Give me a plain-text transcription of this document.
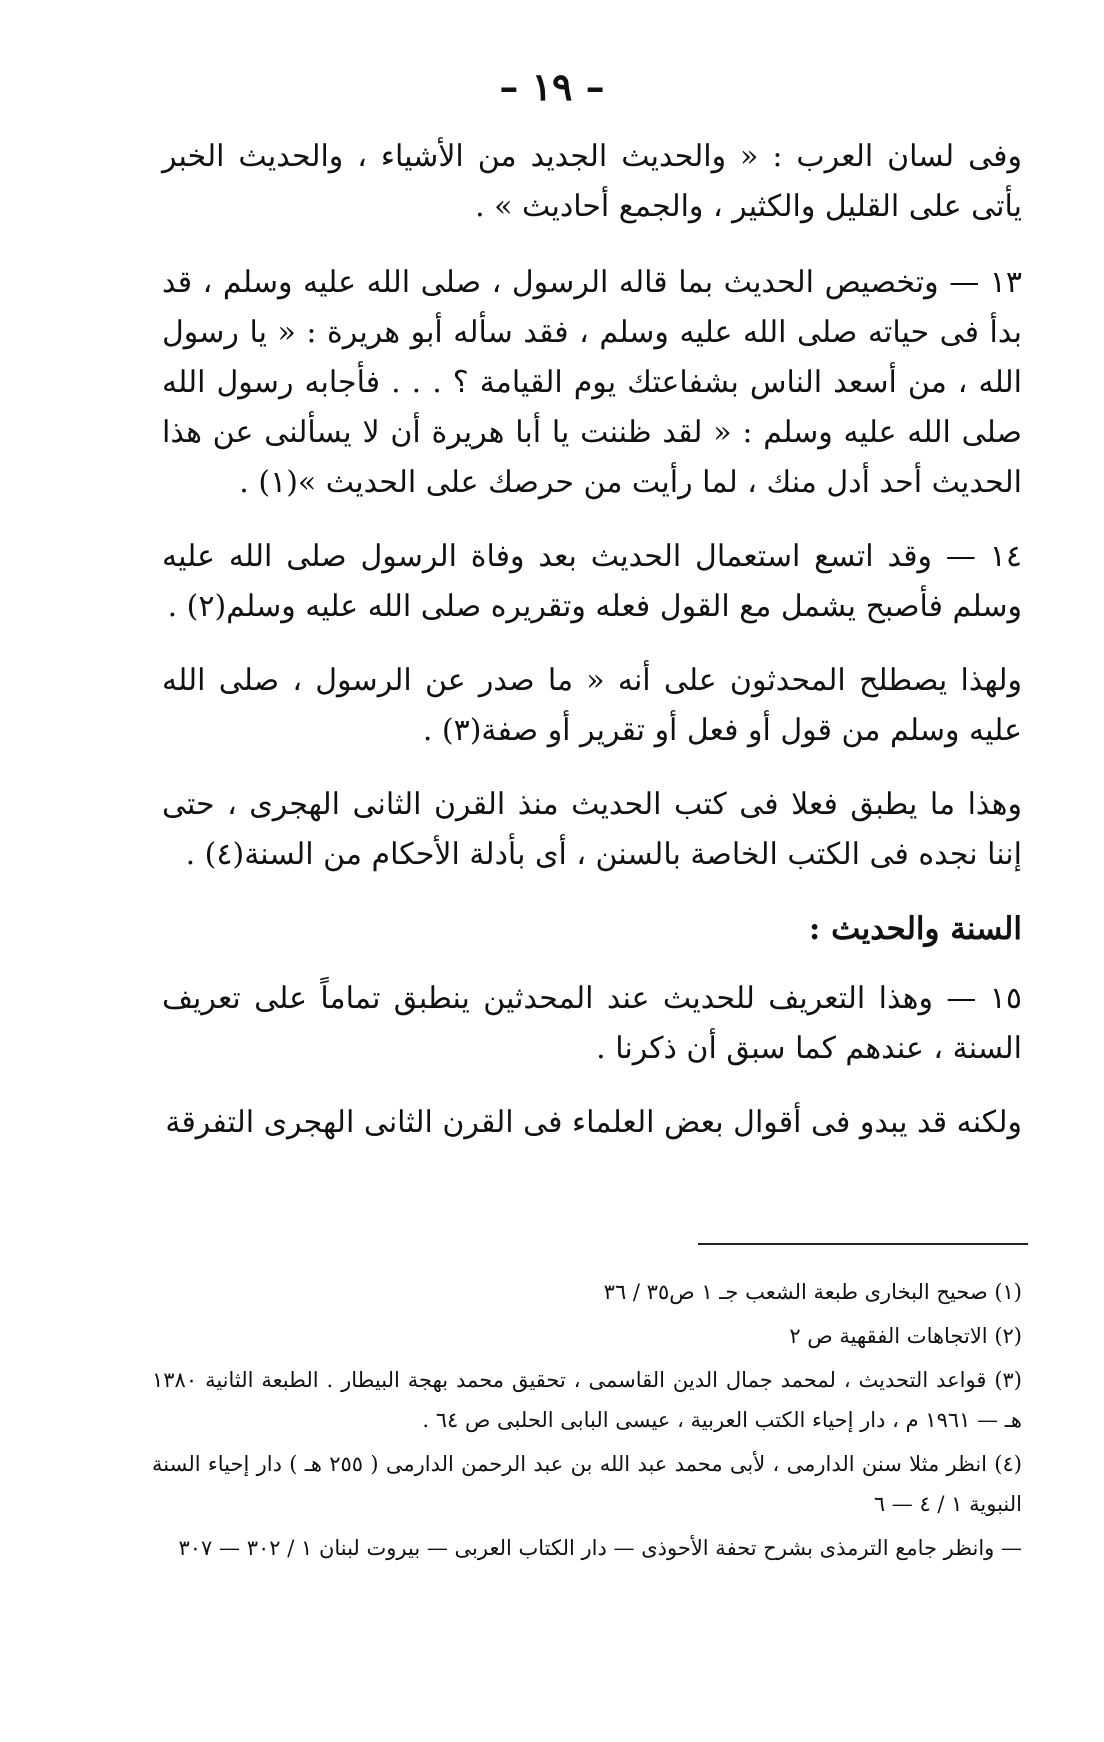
– ١٩ –

وفى لسان العرب : « والحديث الجديد من الأشياء ، والحديث الخبر يأتى على القليل والكثير ، والجمع أحاديث » .

١٣ — وتخصيص الحديث بما قاله الرسول ، صلى الله عليه وسلم ، قد بدأ فى حياته صلى الله عليه وسلم ، فقد سأله أبو هريرة : « يا رسول الله ، من أسعد الناس بشفاعتك يوم القيامة ؟ . . . فأجابه رسول الله صلى الله عليه وسلم : « لقد ظننت يا أبا هريرة أن لا يسألنى عن هذا الحديث أحد أدل منك ، لما رأيت من حرصك على الحديث »(١) .

١٤ — وقد اتسع استعمال الحديث بعد وفاة الرسول صلى الله عليه وسلم فأصبح يشمل مع القول فعله وتقريره صلى الله عليه وسلم(٢) .

ولهذا يصطلح المحدثون على أنه « ما صدر عن الرسول ، صلى الله عليه وسلم من قول أو فعل أو تقرير أو صفة(٣) .

وهذا ما يطبق فعلا فى كتب الحديث منذ القرن الثانى الهجرى ، حتى إننا نجده فى الكتب الخاصة بالسنن ، أى بأدلة الأحكام من السنة(٤) .

السنة والحديث :

١٥ — وهذا التعريف للحديث عند المحدثين ينطبق تماماً على تعريف السنة ، عندهم كما سبق أن ذكرنا .

ولكنه قد يبدو فى أقوال بعض العلماء فى القرن الثانى الهجرى التفرقة

(١) صحيح البخارى طبعة الشعب جـ ١ ص٣٥ / ٣٦

(٢) الاتجاهات الفقهية ص ٢

(٣) قواعد التحديث ، لمحمد جمال الدين القاسمى ، تحقيق محمد بهجة البيطار . الطبعة الثانية ١٣٨٠ هـ — ١٩٦١ م ، دار إحياء الكتب العربية ، عيسى البابى الحلبى ص ٦٤ .

(٤) انظر مثلا سنن الدارمى ، لأبى محمد عبد الله بن عبد الرحمن الدارمى ( ٢٥٥ هـ ) دار إحياء السنة النبوية ١ / ٤ — ٦

— وانظر جامع الترمذى بشرح تحفة الأحوذى — دار الكتاب العربى — بيروت لبنان ١ / ٣٠٢ — ٣٠٧
